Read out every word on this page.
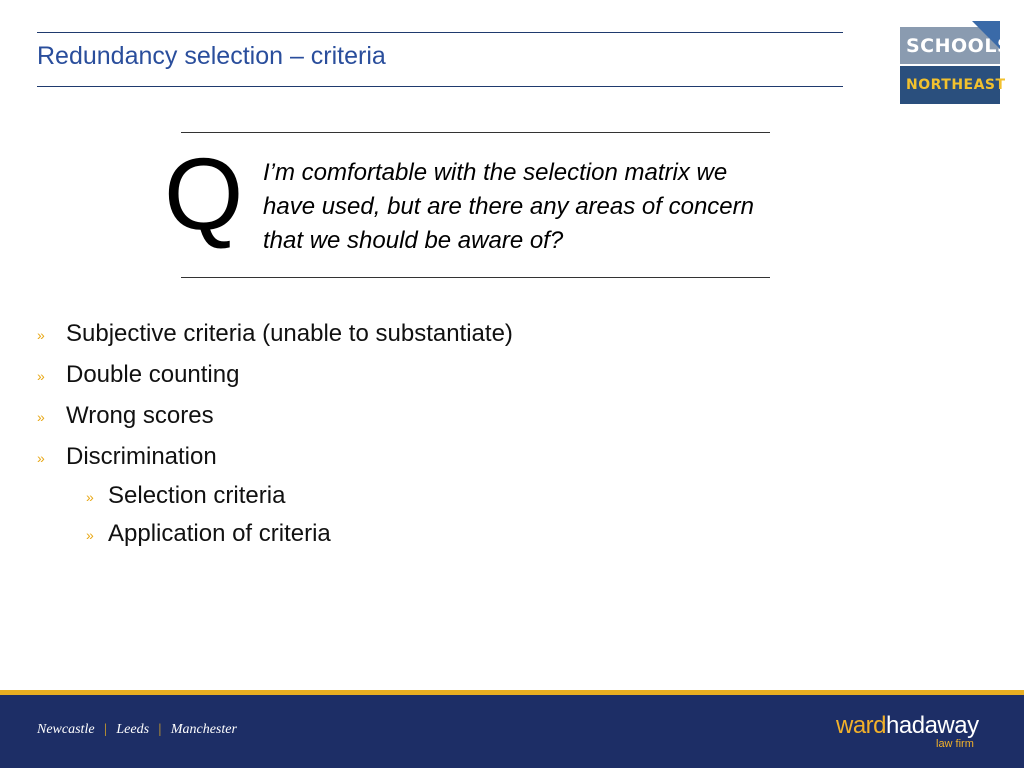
Redundancy selection – criteria	SCHOOLS
NORTHEAST
Q I’m comfortable with the selection matrix we
have used, but are there any areas of concern
that we should be aware of?
» Subjective criteria (unable to substantiate)
» Double counting
» Wrong scores
» Discrimination
» Selection criteria
» Application of criteria
Newcastle | Leeds | Manchester	wardhadaway
law firm
